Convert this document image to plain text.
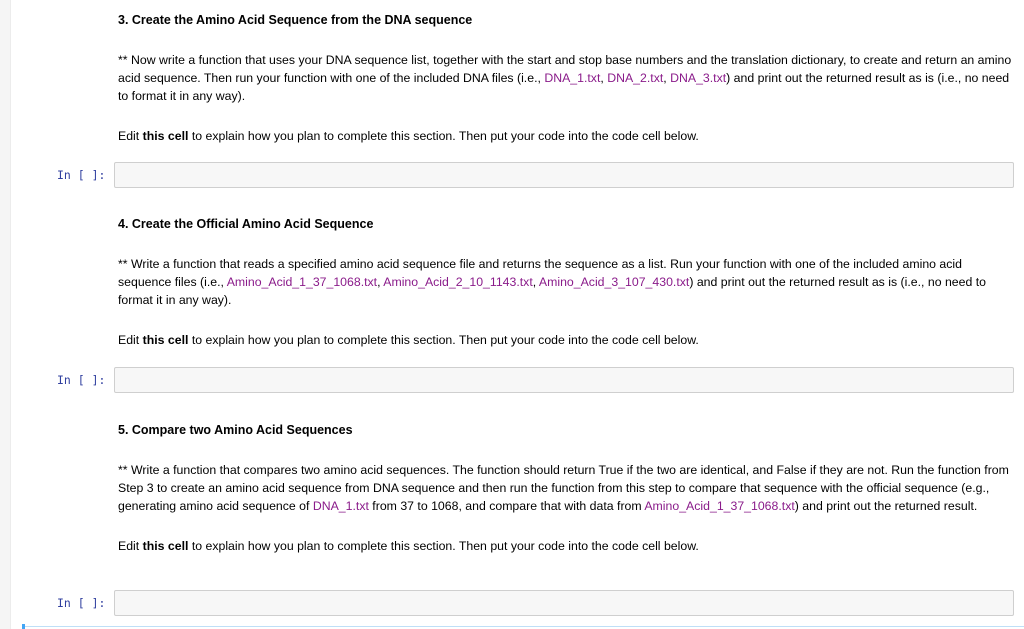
3. Create the Amino Acid Sequence from the DNA sequence

** Now write a function that uses your DNA sequence list, together with the start and stop base numbers and the translation dictionary, to create and return an amino acid sequence. Then run your function with one of the included DNA files (i.e., DNA_1.txt, DNA_2.txt, DNA_3.txt) and print out the returned result as is (i.e., no need to format it in any way).

Edit this cell to explain how you plan to complete this section. Then put your code into the code cell below.

In [ ]:
4. Create the Official Amino Acid Sequence

** Write a function that reads a specified amino acid sequence file and returns the sequence as a list. Run your function with one of the included amino acid sequence files (i.e., Amino_Acid_1_37_1068.txt, Amino_Acid_2_10_1143.txt, Amino_Acid_3_107_430.txt) and print out the returned result as is (i.e., no need to format it in any way).

Edit this cell to explain how you plan to complete this section. Then put your code into the code cell below.

In [ ]:
5. Compare two Amino Acid Sequences

** Write a function that compares two amino acid sequences. The function should return True if the two are identical, and False if they are not. Run the function from Step 3 to create an amino acid sequence from DNA sequence and then run the function from this step to compare that sequence with the official sequence (e.g., generating amino acid sequence of DNA_1.txt from 37 to 1068, and compare that with data from Amino_Acid_1_37_1068.txt) and print out the returned result.

Edit this cell to explain how you plan to complete this section. Then put your code into the code cell below.

In [ ]:
